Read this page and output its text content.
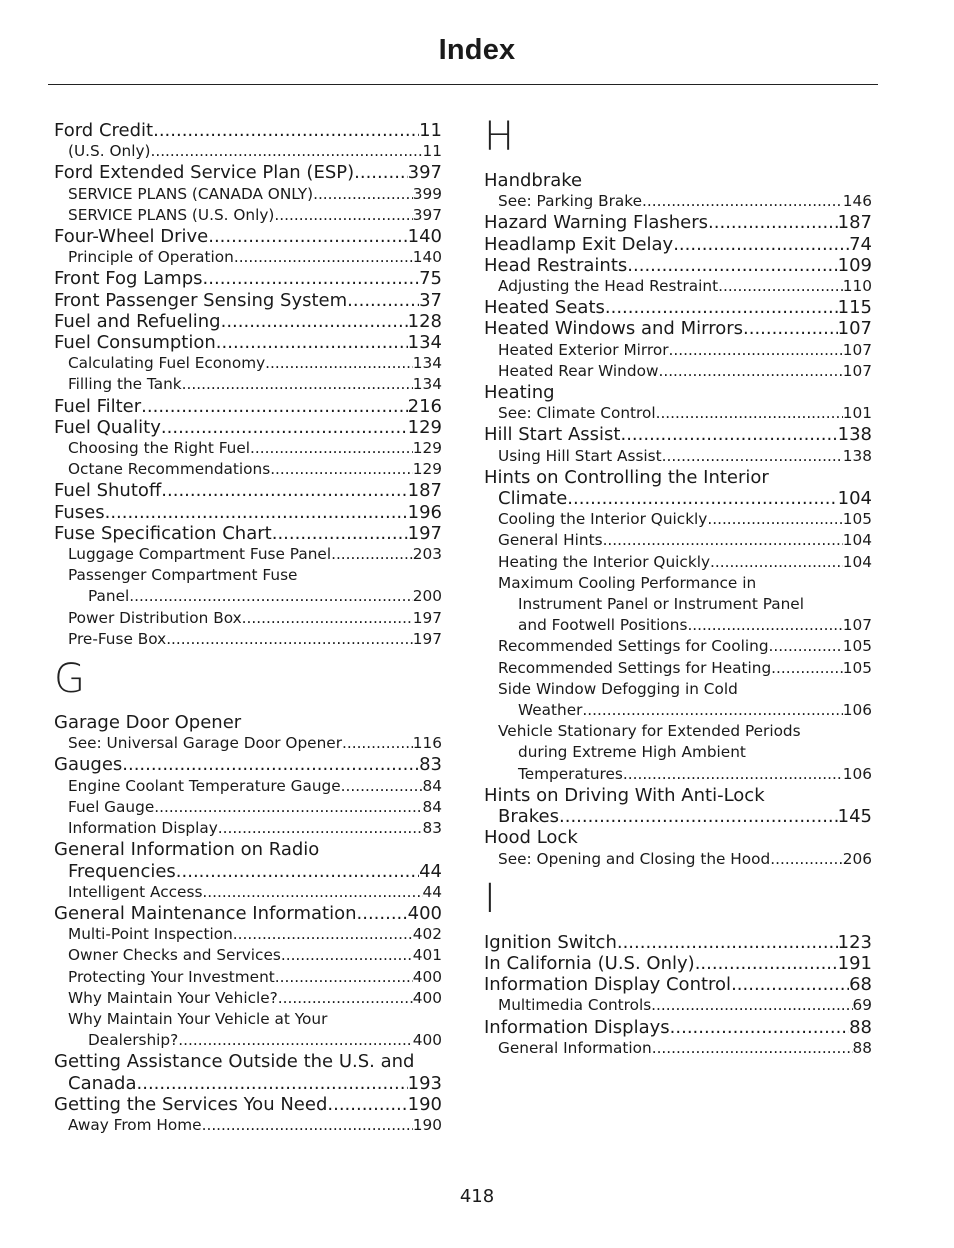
Index
Ford Credit .....	11
(U.S. Only) .....	11
Ford Extended Service Plan (ESP) .....	397
SERVICE PLANS (CANADA ONLY) .....	399
SERVICE PLANS (U.S. Only) .....	397
Four-Wheel Drive .....	140
Principle of Operation .....	140
Front Fog Lamps .....	75
Front Passenger Sensing System .....	37
Fuel and Refueling .....	128
Fuel Consumption .....	134
Calculating Fuel Economy .....	134
Filling the Tank .....	134
Fuel Filter .....	216
Fuel Quality .....	129
Choosing the Right Fuel .....	129
Octane Recommendations .....	129
Fuel Shutoff .....	187
Fuses .....	196
Fuse Specification Chart .....	197
Luggage Compartment Fuse Panel .....	203
Passenger Compartment Fuse
Panel .....	200
Power Distribution Box .....	197
Pre-Fuse Box .....	197
G
Garage Door Opener
See: Universal Garage Door Opener .....	116
Gauges .....	83
Engine Coolant Temperature Gauge .....	84
Fuel Gauge .....	84
Information Display .....	83
General Information on Radio
Frequencies .....	44
Intelligent Access .....	44
General Maintenance Information .....	400
Multi-Point Inspection .....	402
Owner Checks and Services .....	401
Protecting Your Investment .....	400
Why Maintain Your Vehicle? .....	400
Why Maintain Your Vehicle at Your
Dealership? .....	400
Getting Assistance Outside the U.S. and
Canada .....	193
Getting the Services You Need .....	190
Away From Home .....	190
H
Handbrake
See: Parking Brake .....	146
Hazard Warning Flashers .....	187
Headlamp Exit Delay .....	74
Head Restraints .....	109
Adjusting the Head Restraint .....	110
Heated Seats .....	115
Heated Windows and Mirrors .....	107
Heated Exterior Mirror .....	107
Heated Rear Window .....	107
Heating
See: Climate Control .....	101
Hill Start Assist .....	138
Using Hill Start Assist .....	138
Hints on Controlling the Interior
Climate .....	104
Cooling the Interior Quickly .....	105
General Hints .....	104
Heating the Interior Quickly .....	104
Maximum Cooling Performance in
Instrument Panel or Instrument Panel
and Footwell Positions .....	107
Recommended Settings for Cooling .....	105
Recommended Settings for Heating .....	105
Side Window Defogging in Cold
Weather .....	106
Vehicle Stationary for Extended Periods
during Extreme High Ambient
Temperatures .....	106
Hints on Driving With Anti-Lock
Brakes .....	145
Hood Lock
See: Opening and Closing the Hood .....	206
I
Ignition Switch .....	123
In California (U.S. Only) .....	191
Information Display Control .....	68
Multimedia Controls .....	69
Information Displays .....	88
General Information .....	88
418
